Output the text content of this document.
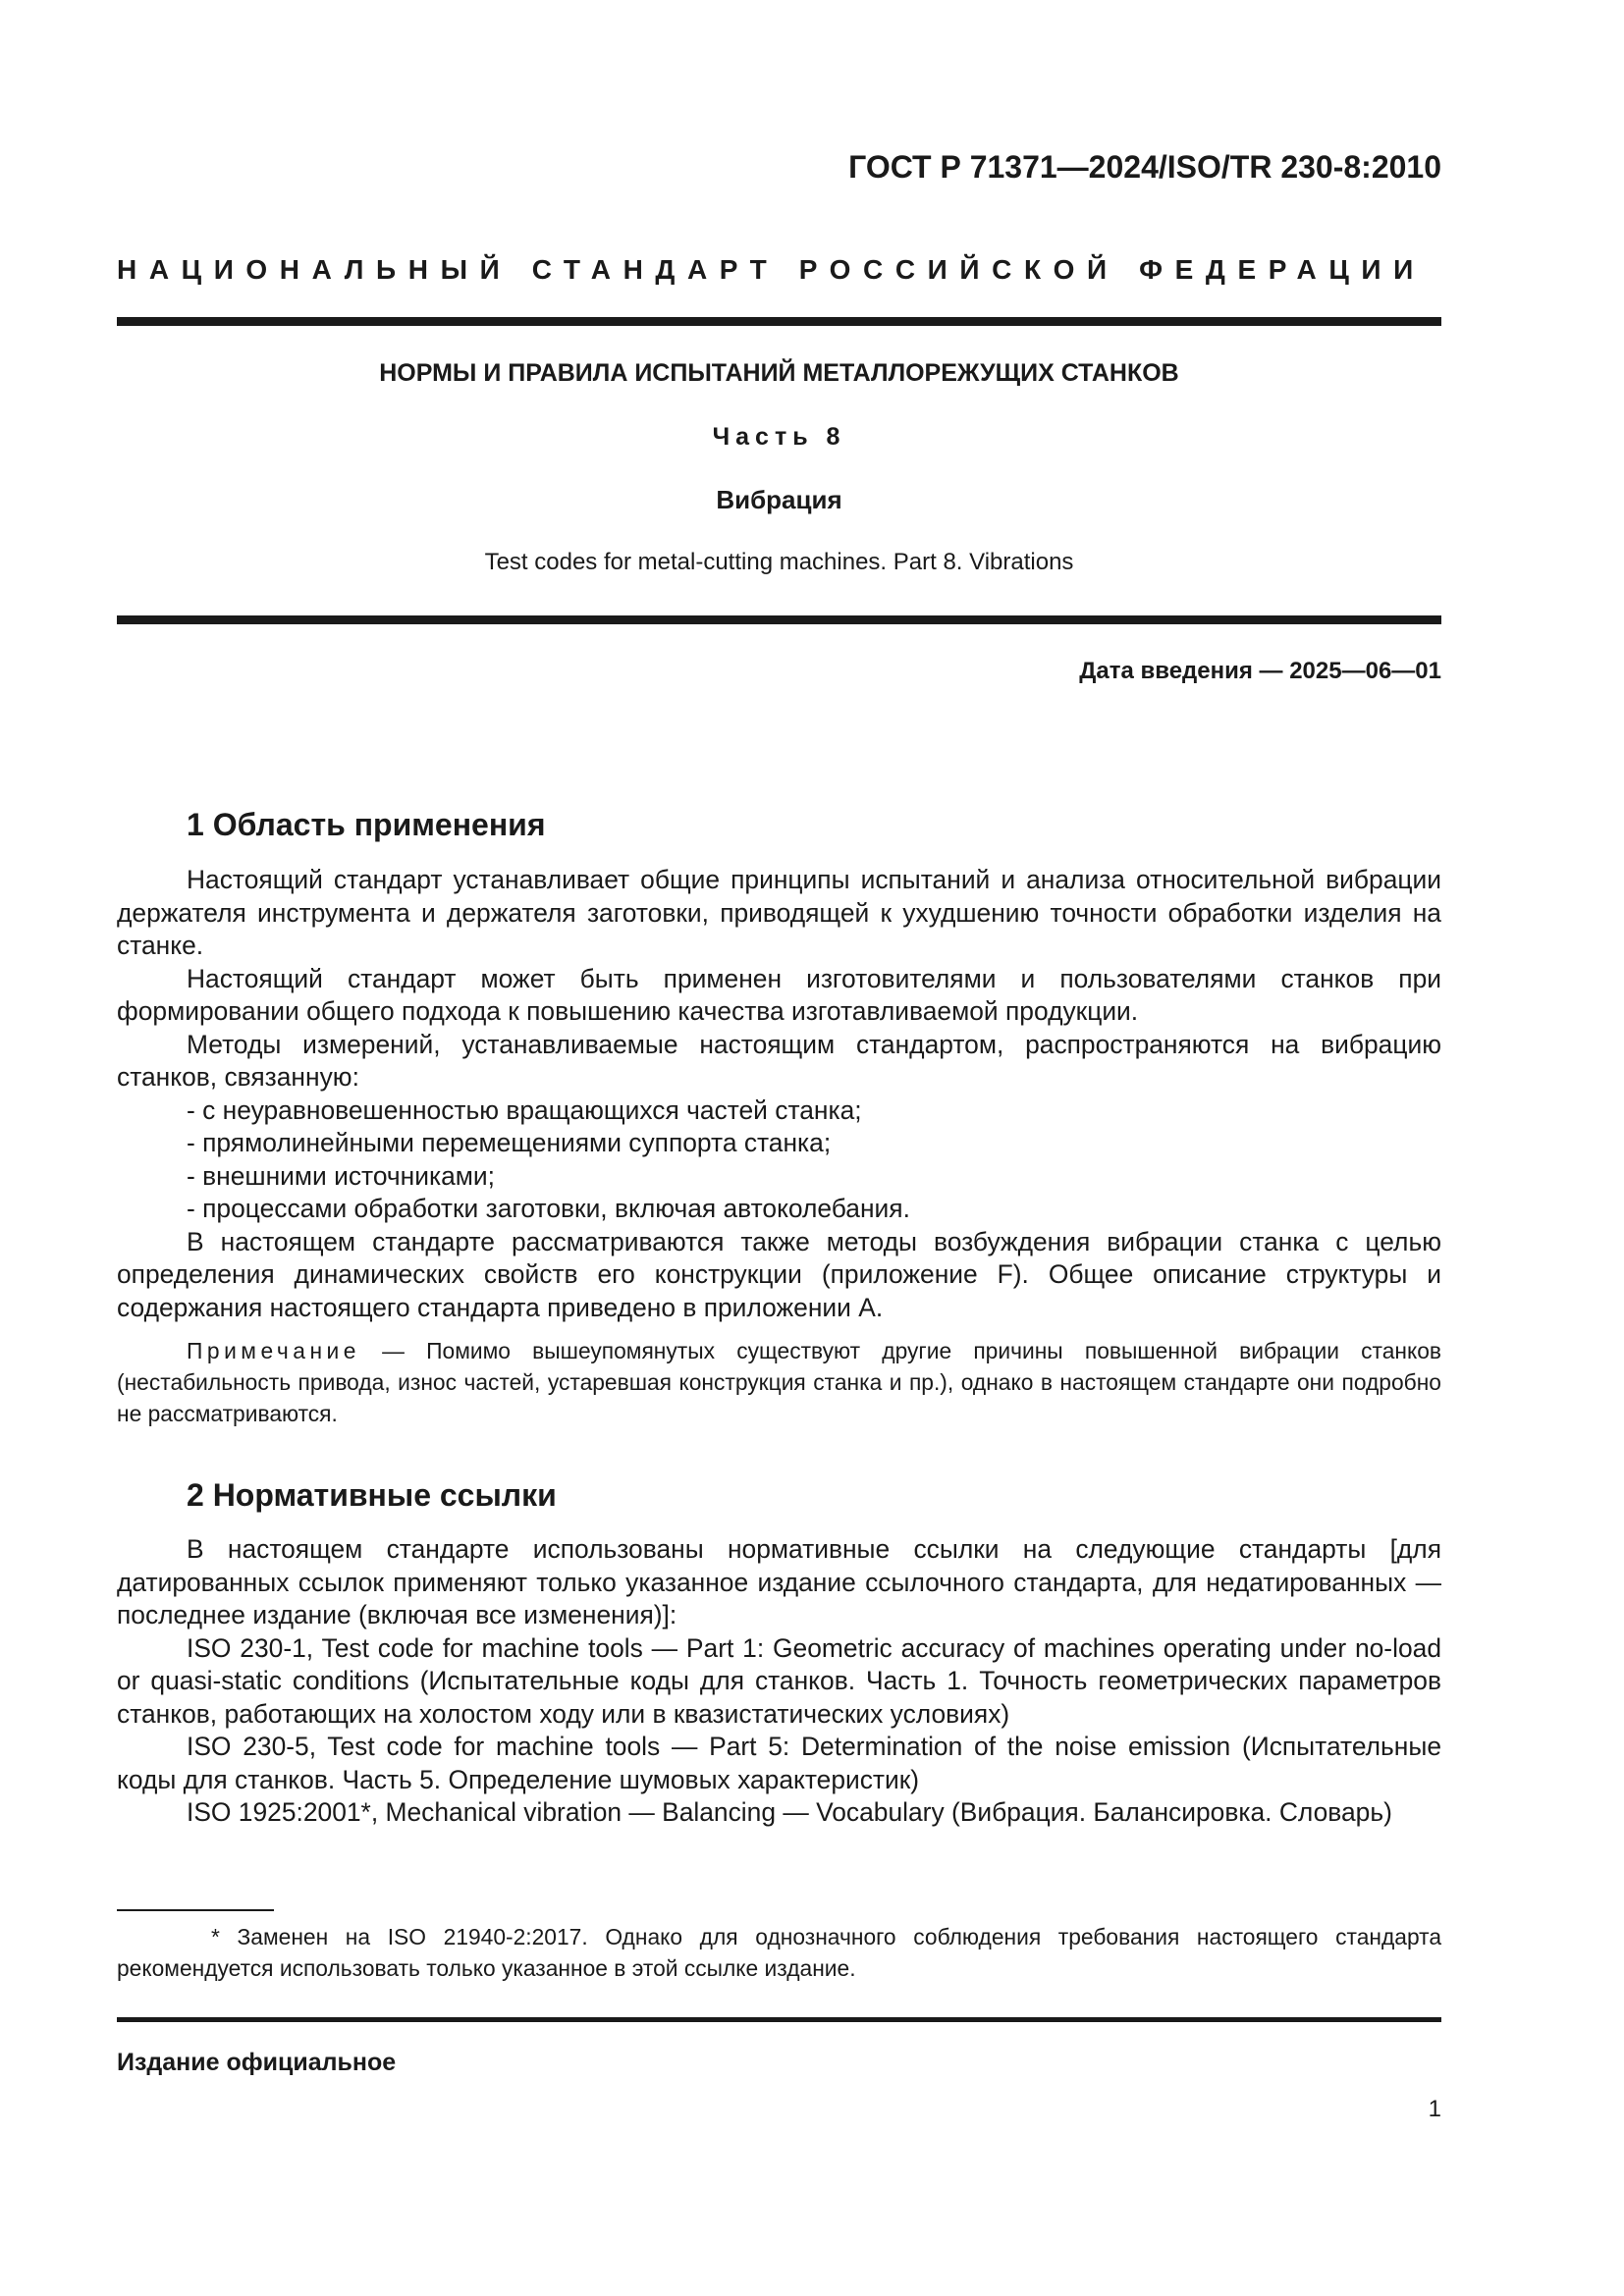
ГОСТ Р 71371—2024/ISO/TR 230-8:2010

НАЦИОНАЛЬНЫЙ СТАНДАРТ РОССИЙСКОЙ ФЕДЕРАЦИИ

НОРМЫ И ПРАВИЛА ИСПЫТАНИЙ МЕТАЛЛОРЕЖУЩИХ СТАНКОВ

Часть 8

Вибрация

Test codes for metal-cutting machines. Part 8. Vibrations

Дата введения — 2025—06—01

1 Область применения

Настоящий стандарт устанавливает общие принципы испытаний и анализа относительной вибрации держателя инструмента и держателя заготовки, приводящей к ухудшению точности обработки изделия на станке.

Настоящий стандарт может быть применен изготовителями и пользователями станков при формировании общего подхода к повышению качества изготавливаемой продукции.

Методы измерений, устанавливаемые настоящим стандартом, распространяются на вибрацию станков, связанную:

- с неуравновешенностью вращающихся частей станка;

- прямолинейными перемещениями суппорта станка;

- внешними источниками;

- процессами обработки заготовки, включая автоколебания.

В настоящем стандарте рассматриваются также методы возбуждения вибрации станка с целью определения динамических свойств его конструкции (приложение F). Общее описание структуры и содержания настоящего стандарта приведено в приложении А.

Примечание — Помимо вышеупомянутых существуют другие причины повышенной вибрации станков (нестабильность привода, износ частей, устаревшая конструкция станка и пр.), однако в настоящем стандарте они подробно не рассматриваются.

2 Нормативные ссылки

В настоящем стандарте использованы нормативные ссылки на следующие стандарты [для датированных ссылок применяют только указанное издание ссылочного стандарта, для недатированных — последнее издание (включая все изменения)]:

ISO 230-1, Test code for machine tools — Part 1: Geometric accuracy of machines operating under no-load or quasi-static conditions (Испытательные коды для станков. Часть 1. Точность геометрических параметров станков, работающих на холостом ходу или в квазистатических условиях)

ISO 230-5, Test code for machine tools — Part 5: Determination of the noise emission (Испытательные коды для станков. Часть 5. Определение шумовых характеристик)

ISO 1925:2001*, Mechanical vibration — Balancing — Vocabulary (Вибрация. Балансировка. Словарь)

* Заменен на ISO 21940-2:2017. Однако для однозначного соблюдения требования настоящего стандарта рекомендуется использовать только указанное в этой ссылке издание.

Издание официальное

1
